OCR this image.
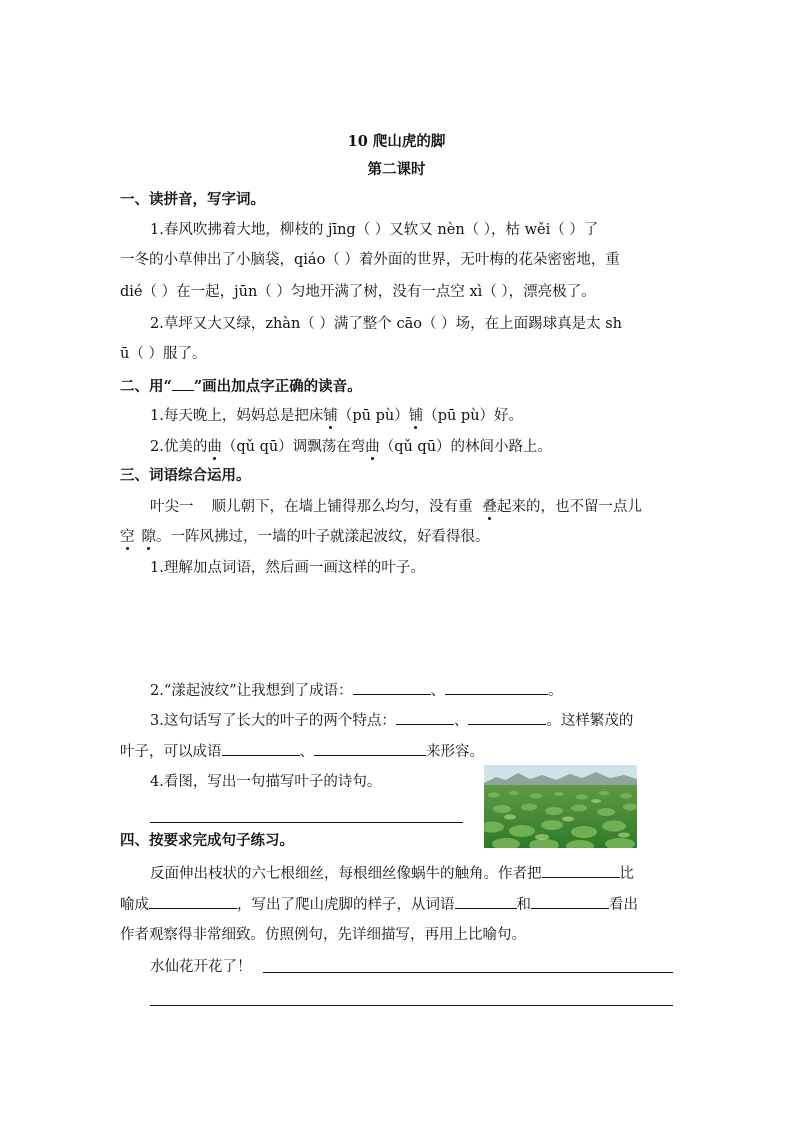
10 爬山虎的脚
第二课时
一、读拼音，写字词。
1.春风吹拂着大地，柳枝的 jīng（ ）又软又 nèn（ ），枯 wěi（ ）了
一冬的小草伸出了小脑袋，qiáo（ ）着外面的世界，无叶梅的花朵密密地，重
dié（ ）在一起，jūn（ ）匀地开满了树，没有一点空 xì（ ），漂亮极了。
2.草坪又大又绿，zhàn（ ）满了整个 cāo（ ）场，在上面踢球真是太 sh
ū（ ）服了。
二、用“ ”画出加点字正确的读音。
1.每天晚上，妈妈总是把床铺（pū pù）铺（pū pù）好。
2.优美的曲（qǔ qū）调飘荡在弯曲（qǔ qū）的林间小路上。
三、词语综合运用。
叶尖一 顺儿朝下，在墙上铺得那么均匀，没有重 叠起来的，也不留一点儿
空 隙。一阵风拂过，一墙的叶子就漾起波纹，好看得很。
1.理解加点词语，然后画一画这样的叶子。
2.“漾起波纹”让我想到了成语：	、	。
3.这句话写了长大的叶子的两个特点：	、	。这样繁茂的
叶子，可以成语	、	来形容。
4.看图，写出一句描写叶子的诗句。
四、按要求完成句子练习。
反面伸出枝状的六七根细丝，每根细丝像蜗牛的触角。作者把	比
喻成	，写出了爬山虎脚的样子，从词语	和	看出
作者观察得非常细致。仿照例句，先详细描写，再用上比喻句。
水仙花开花了！
